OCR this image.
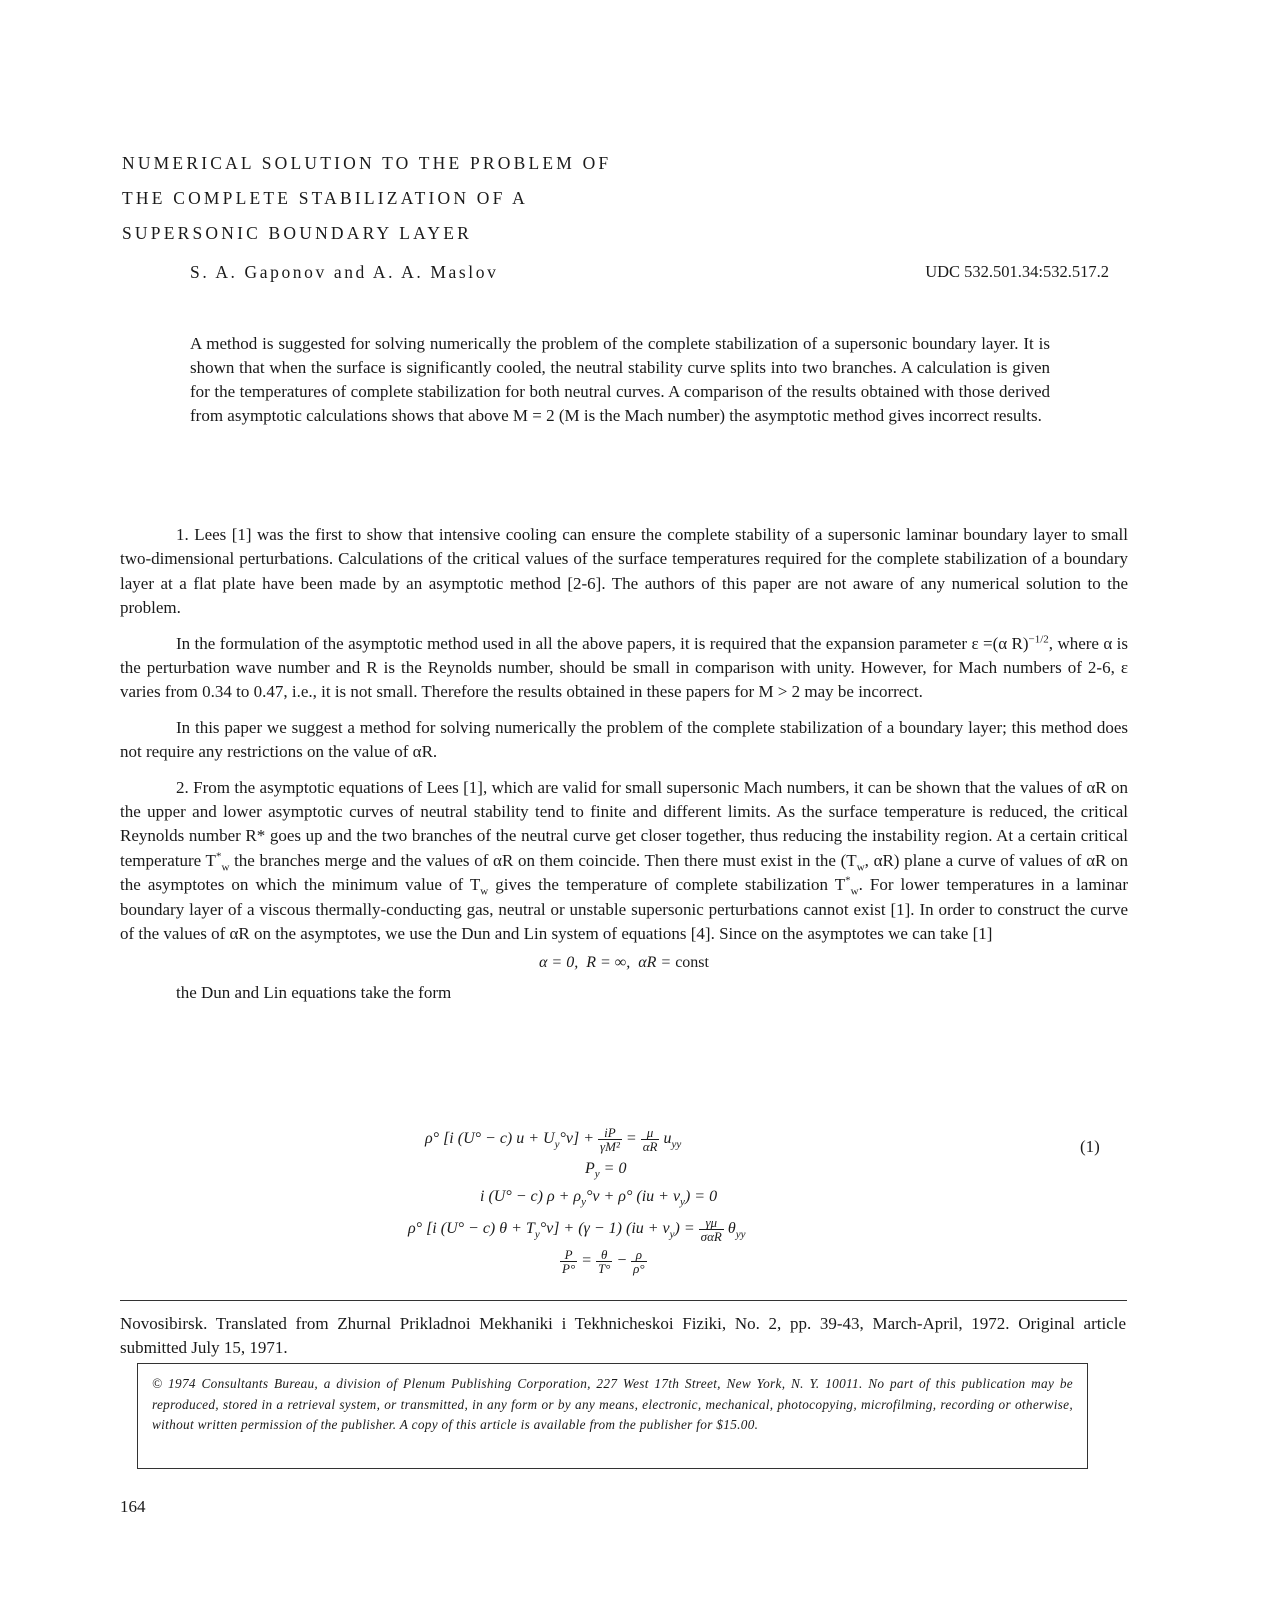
NUMERICAL SOLUTION TO THE PROBLEM OF
THE COMPLETE STABILIZATION OF A
SUPERSONIC BOUNDARY LAYER
S. A. Gaponov and A. A. Maslov	UDC 532.501.34:532.517.2
A method is suggested for solving numerically the problem of the complete stabilization of a supersonic boundary layer. It is shown that when the surface is significantly cooled, the neutral stability curve splits into two branches. A calculation is given for the temperatures of complete stabilization for both neutral curves. A comparison of the results obtained with those derived from asymptotic calculations shows that above M = 2 (M is the Mach number) the asymptotic method gives incorrect results.

1. Lees [1] was the first to show that intensive cooling can ensure the complete stability of a supersonic laminar boundary layer to small two-dimensional perturbations. Calculations of the critical values of the surface temperatures required for the complete stabilization of a boundary layer at a flat plate have been made by an asymptotic method [2-6]. The authors of this paper are not aware of any numerical solution to the problem.

In the formulation of the asymptotic method used in all the above papers, it is required that the expansion parameter ε =(α R)$^{-1/2}$, where α is the perturbation wave number and R is the Reynolds number, should be small in comparison with unity. However, for Mach numbers of 2-6, ε varies from 0.34 to 0.47, i.e., it is not small. Therefore the results obtained in these papers for M > 2 may be incorrect.

In this paper we suggest a method for solving numerically the problem of the complete stabilization of a boundary layer; this method does not require any restrictions on the value of αR.

2. From the asymptotic equations of Lees [1], which are valid for small supersonic Mach numbers, it can be shown that the values of αR on the upper and lower asymptotic curves of neutral stability tend to finite and different limits. As the surface temperature is reduced, the critical Reynolds number R* goes up and the two branches of the neutral curve get closer together, thus reducing the instability region. At a certain critical temperature $T^*_w$ the branches merge and the values of αR on them coincide. Then there must exist in the ($T_w$, αR) plane a curve of values of αR on the asymptotes on which the minimum value of $T_w$ gives the temperature of complete stabilization $T^*_w$. For lower temperatures in a laminar boundary layer of a viscous thermally-conducting gas, neutral or unstable supersonic perturbations cannot exist [1]. In order to construct the curve of the values of αR on the asymptotes, we use the Dun and Lin system of equations [4]. Since on the asymptotes we can take [1]

α = 0, R = ∞, αR = const

the Dun and Lin equations take the form

ρ° [i (U° − c) $u + U_y^\circ v] + \frac{iP}{\text{γM²}} = \frac{\mu}{\alpha R} u_{yy}$
$P_y = 0$
i (U° − c) $\rho + \rho_y^\circ v + \rho^\circ$ $(iu + v_y) = 0$
ρ° [i (U° − c) $\theta + T_y^\circ v] + (\gamma - 1) (iu + v_y) = \frac{\gamma\mu}{\text{σαR}} \theta_{yy}$
$\frac{P}{P^\circ} = \frac{\theta}{T^\circ} - \frac{\rho}{\rho^\circ}$
(1)
Novosibirsk. Translated from Zhurnal Prikladnoi Mekhaniki i Tekhnicheskoi Fiziki, No. 2, pp. 39-43, March-April, 1972. Original article submitted July 15, 1971.
© 1974 Consultants Bureau, a division of Plenum Publishing Corporation, 227 West 17th Street, New York, N. Y. 10011. No part of this publication may be reproduced, stored in a retrieval system, or transmitted, in any form or by any means, electronic, mechanical, photocopying, microfilming, recording or otherwise, without written permission of the publisher. A copy of this article is available from the publisher for $15.00.
164
